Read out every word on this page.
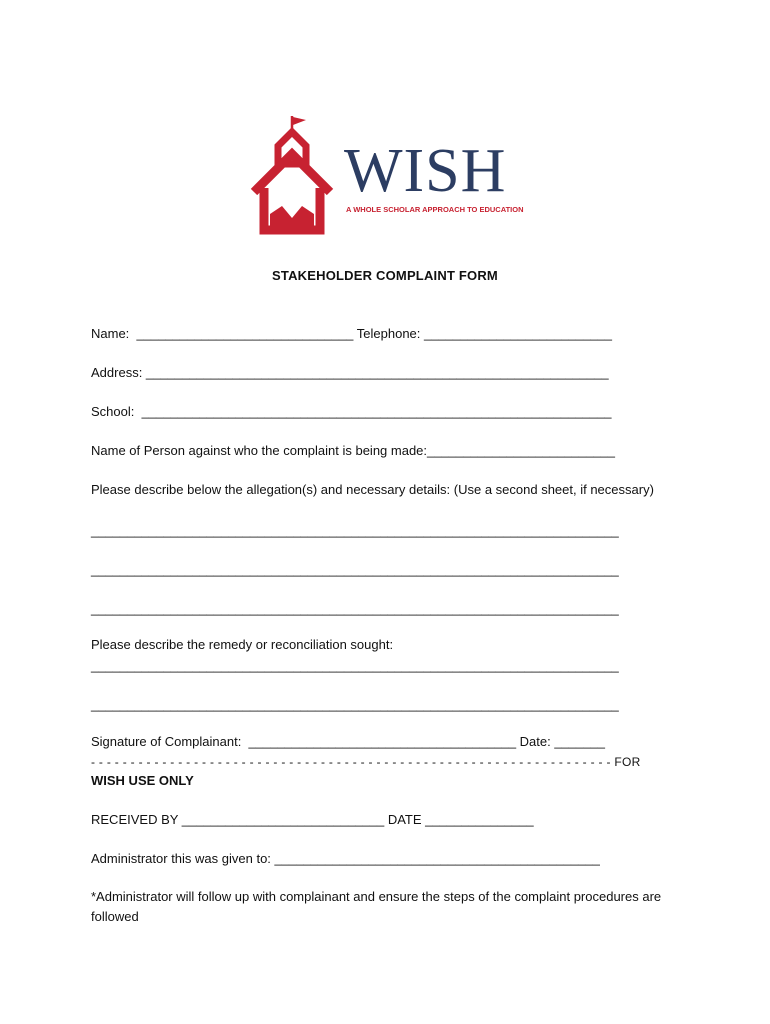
WISH
A WHOLE SCHOLAR APPROACH TO EDUCATION
STAKEHOLDER COMPLAINT FORM

Name:  ______________________________ Telephone: __________________________

Address: ________________________________________________________________

School:  _________________________________________________________________

Name of Person against who the complaint is being made:__________________________

Please describe below the allegation(s) and necessary details: (Use a second sheet, if necessary)

_________________________________________________________________________

_________________________________________________________________________

_________________________________________________________________________

Please describe the remedy or reconciliation sought:

_________________________________________________________________________

_________________________________________________________________________

Signature of Complainant:  _____________________________________ Date: _______

- - - - - - - - - - - - - - - - - - - - - - - - - - - - - - - - - - - - - - - - - - - - - - - - - - - - - - - - - - - - - - - - - - FOR

WISH USE ONLY

RECEIVED BY ____________________________ DATE _______________

Administrator this was given to: _____________________________________________

*Administrator will follow up with complainant and ensure the steps of the complaint procedures are followed
